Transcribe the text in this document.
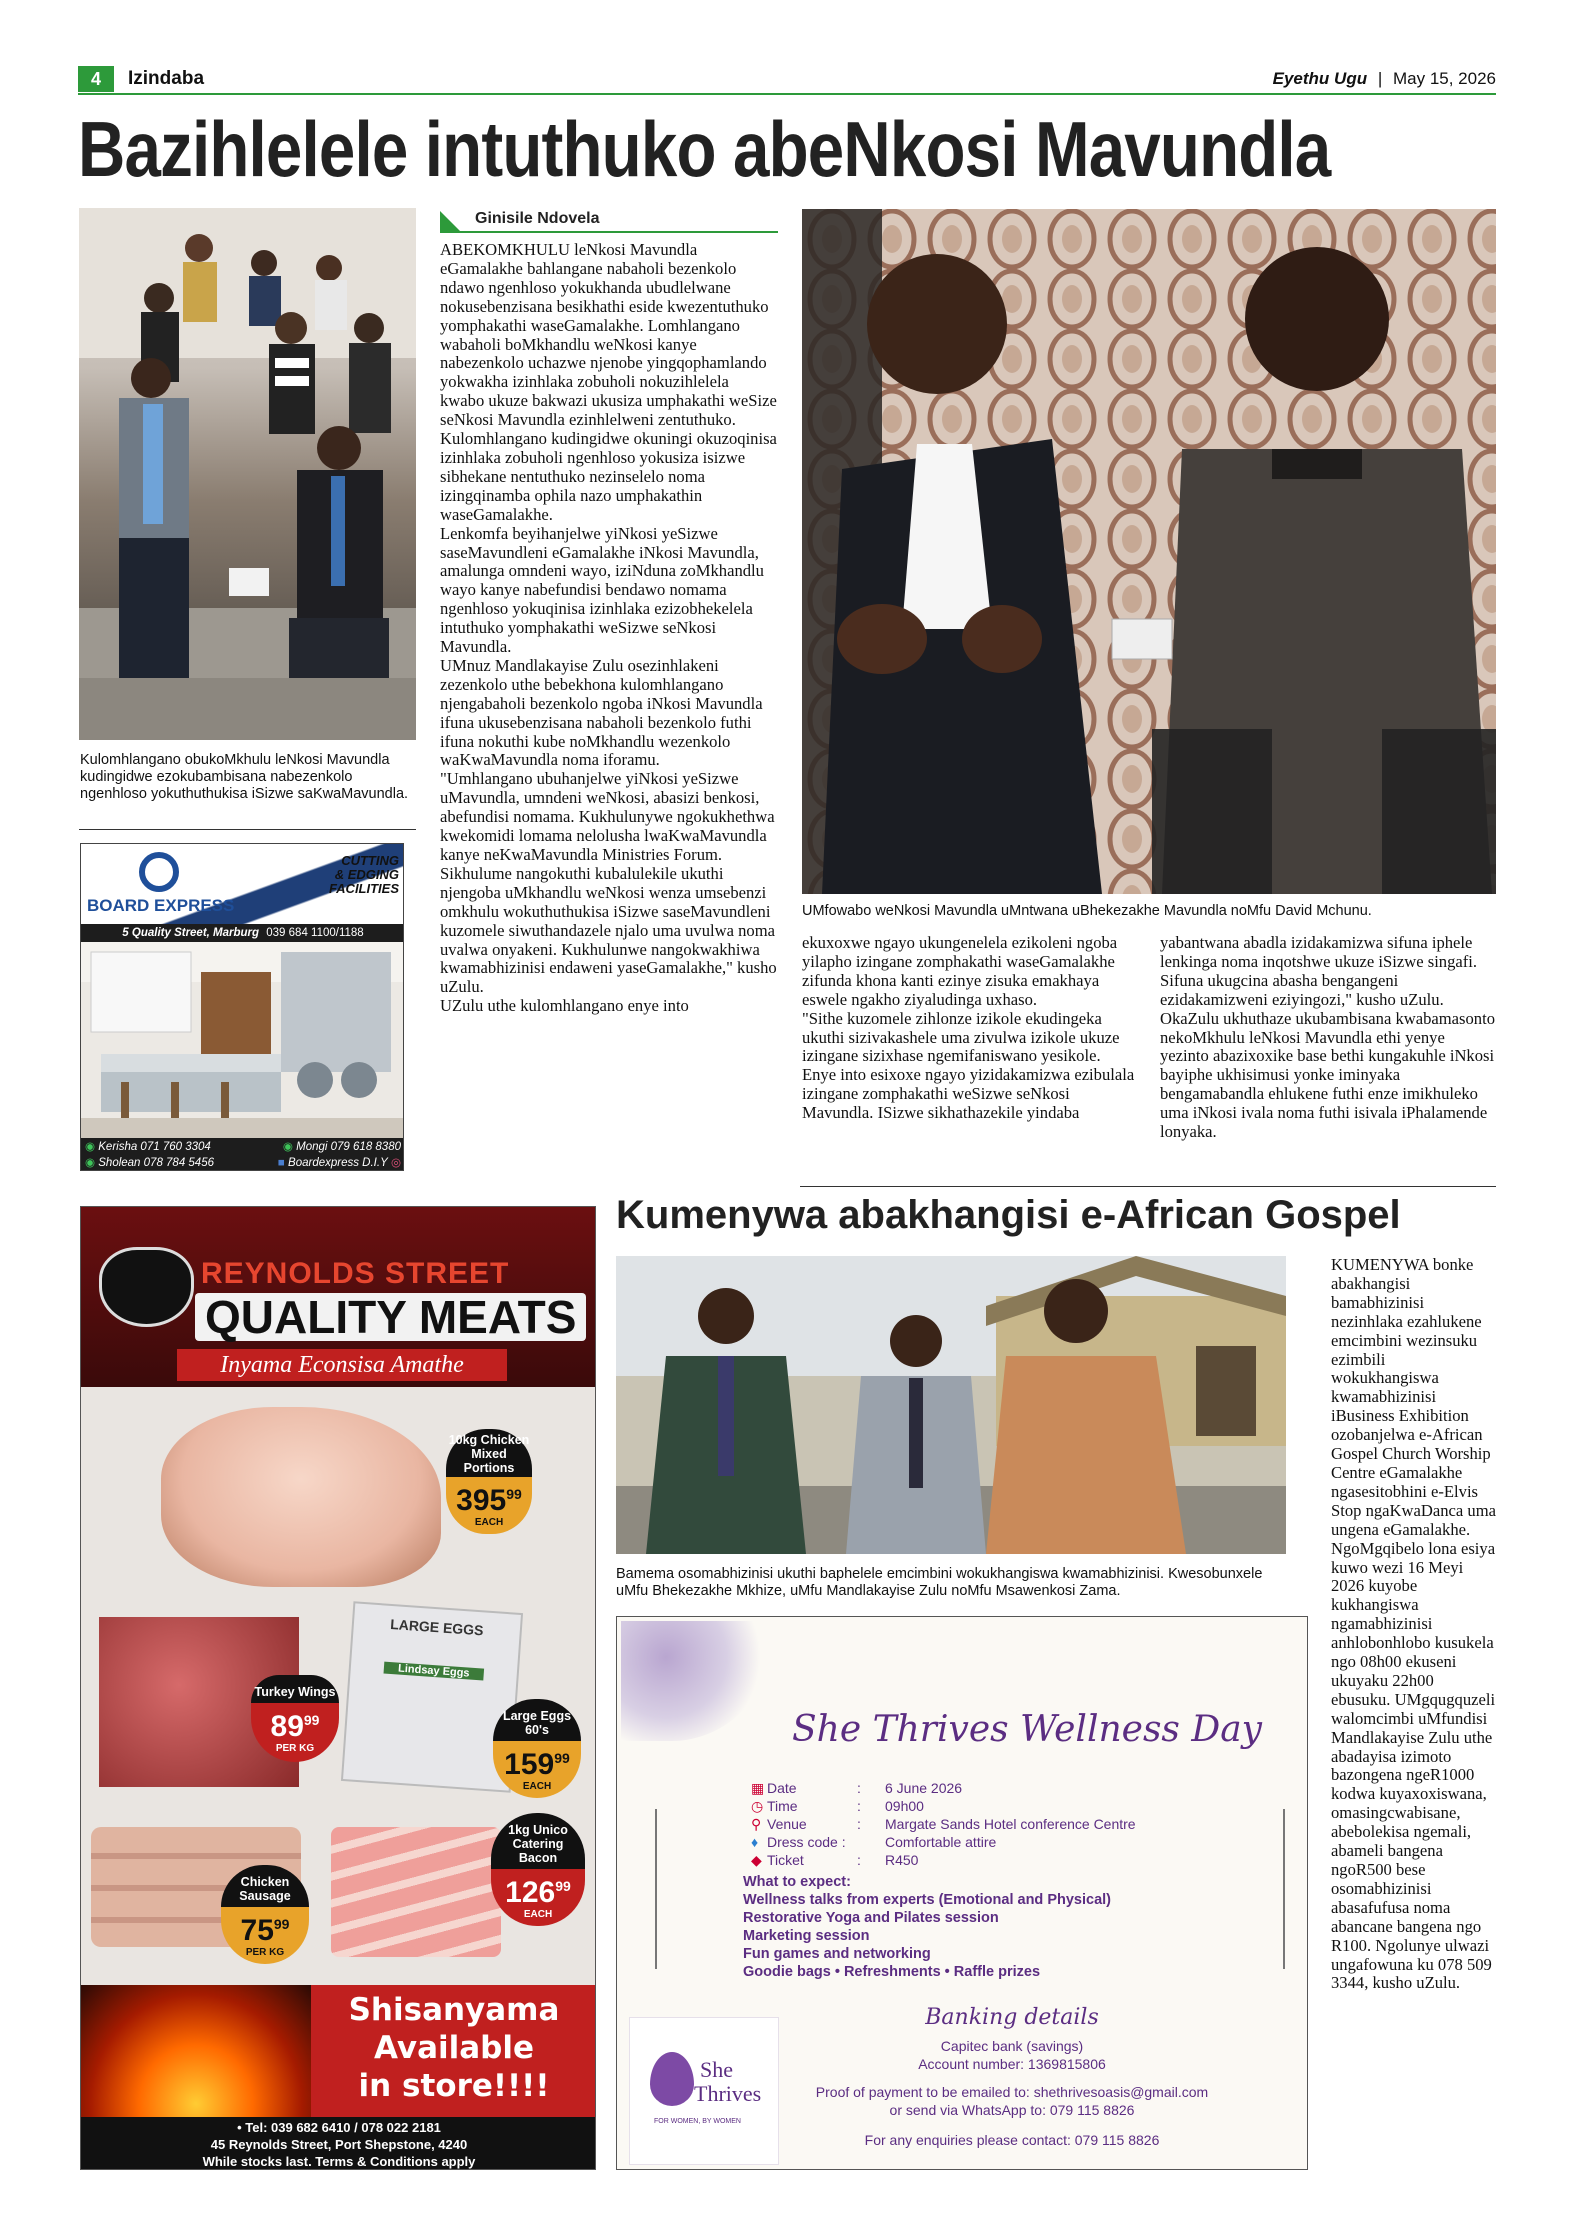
4	Izindaba	Eyethu Ugu | May 15, 2026
Bazihlelele intuthuko abeNkosi Mavundla

Kulomhlangano obukoMkhulu leNkosi Mavundla kudingidwe ezokubambisana nabezenkolo ngenhloso yokuthuthukisa iSizwe saKwaMavundla.

BOARD EXPRESS
CUTTING
& EDGING
FACILITIES
5 Quality Street, Marburg 039 684 1100/1188
◉ Kerisha 071 760 3304	◉ Mongi 079 618 8380
◉ Sholean 078 784 5456	■ Boardexpress D.I.Y ◎
Ginisile Ndovela

ABEKOMKHULU leNkosi Mavundla eGamalakhe bahlangane nabaholi bezenkolo ndawo ngenhloso yokukhanda ubudlelwane nokusebenzisana besikhathi eside kwezentuthuko yomphakathi waseGamalakhe. Lomhlangano wabaholi boMkhandlu weNkosi kanye nabezenkolo uchazwe njenobe yingqophamlando yokwakha izinhlaka zobuholi nokuzihlelela kwabo ukuze bakwazi ukusiza umphakathi weSize seNkosi Mavundla ezinhlelweni zentuthuko.

Kulomhlangano kudingidwe okuningi okuzoqinisa izinhlaka zobuholi ngenhloso yokusiza isizwe sibhekane nentuthuko nezinselelo noma izingqinamba ophila nazo umphakathin waseGamalakhe.

Lenkomfa beyihanjelwe yiNkosi yeSizwe saseMavundleni eGamalakhe iNkosi Mavundla, amalunga omndeni wayo, iziNduna zoMkhandlu wayo kanye nabefundisi bendawo nomama ngenhloso yokuqinisa izinhlaka ezizobhekelela intuthuko yomphakathi weSizwe seNkosi Mavundla.

UMnuz Mandlakayise Zulu osezinhlakeni zezenkolo uthe bebekhona kulomhlangano njengabaholi bezenkolo ngoba iNkosi Mavundla ifuna ukusebenzisana nabaholi bezenkolo futhi ifuna nokuthi kube noMkhandlu wezenkolo waKwaMavundla noma iforamu.

"Umhlangano ubuhanjelwe yiNkosi yeSizwe uMavundla, umndeni weNkosi, abasizi benkosi, abefundisi nomama. Kukhulunywe ngokukhethwa kwekomidi lomama nelolusha lwaKwaMavundla kanye neKwaMavundla Ministries Forum. Sikhulume nangokuthi kubalulekile ukuthi njengoba uMkhandlu weNkosi wenza umsebenzi omkhulu wokuthuthukisa iSizwe saseMavundleni kuzomele siwuthandazele njalo uma uvulwa noma uvalwa onyakeni. Kukhulunwe nangokwakhiwa kwamabhizinisi endaweni yaseGamalakhe," kusho uZulu.

UZulu uthe kulomhlangano enye into

UMfowabo weNkosi Mavundla uMntwana uBhekezakhe Mavundla noMfu David Mchunu.

ekuxoxwe ngayo ukungenelela ezikoleni ngoba yilapho izingane zomphakathi waseGamalakhe zifunda khona kanti ezinye zisuka emakhaya eswele ngakho ziyaludinga uxhaso.

"Sithe kuzomele zihlonze izikole ekudingeka ukuthi sizivakashele uma zivulwa izikole ukuze izingane sizixhase ngemifaniswano yesikole. Enye into esixoxe ngayo yizidakamizwa ezibulala izingane zomphakathi weSizwe seNkosi Mavundla. ISizwe sikhathazekile yindaba

yabantwana abadla izidakamizwa sifuna iphele lenkinga noma inqotshwe ukuze iSizwe singafi. Sifuna ukugcina abasha bengangeni ezidakamizweni eziyingozi," kusho uZulu.

OkaZulu ukhuthaze ukubambisana kwabamasonto nekoMkhulu leNkosi Mavundla ethi yenye yezinto abazixoxike base bethi kungakuhle iNkosi bayiphe ukhisimusi yonke iminyaka bengamabandla ehlukene futhi enze imikhuleko uma iNkosi ivala noma futhi isivala iPhalamende lonyaka.

REYNOLDS STREET
QUALITY MEATS
Inyama Econsisa Amathe
10kg Chicken Mixed Portions
$395^{99}$
EACH
Turkey Wings
$89^{99}$
PER KG
LARGE EGGS
Lindsay Eggs
Large Eggs 60's
$159^{99}$
EACH
Chicken Sausage
$75^{99}$
PER KG
1kg Unico Catering Bacon
$126^{99}$
EACH
Shisanyama
Available
in store!!!!
• Tel: 039 682 6410 / 078 022 2181
45 Reynolds Street, Port Shepstone, 4240
While stocks last. Terms & Conditions apply
Kumenywa abakhangisi e-African Gospel

Bamema osomabhizinisi ukuthi baphelele emcimbini wokukhangiswa kwamabhizinisi. Kwesobunxele uMfu Bhekezakhe Mkhize, uMfu Mandlakayise Zulu noMfu Msawenkosi Zama.

She Thrives Wellness Day
▦ Date	:	6 June 2026
◷ Time	:	09h00
⚲ Venue	:	Margate Sands Hotel conference Centre
♦ Dress code :	Comfortable attire
◆ Ticket	:	R450
What to expect:
Wellness talks from experts (Emotional and Physical)
Restorative Yoga and Pilates session
Marketing session
Fun games and networking
Goodie bags • Refreshments • Raffle prizes
She
Thrives
FOR WOMEN, BY WOMEN
Banking details
Capitec bank (savings)
Account number: 1369815806
Proof of payment to be emailed to: shethrivesoasis@gmail.com
or send via WhatsApp to: 079 115 8826
For any enquiries please contact: 079 115 8826
KUMENYWA bonke abakhangisi bamabhizinisi nezinhlaka ezahlukene emcimbini wezinsuku ezimbili wokukhangiswa kwamabhizinisi iBusiness Exhibition ozobanjelwa e-African Gospel Church Worship Centre eGamalakhe ngasesitobhini e-Elvis Stop ngaKwaDanca uma ungena eGamalakhe. NgoMgqibelo lona esiya kuwo wezi 16 Meyi 2026 kuyobe kukhangiswa ngamabhizinisi anhlobonhlobo kusukela ngo 08h00 ekuseni ukuyaku 22h00 ebusuku. UMgqugquzeli walomcimbi uMfundisi Mandlakayise Zulu uthe abadayisa izimoto bazongena ngeR1000 kodwa kuyaxoxiswana, omasingcwabisane, abebolekisa ngemali, abameli bangena ngoR500 bese osomabhizinisi abasafufusa noma abancane bangena ngo R100. Ngolunye ulwazi ungafowuna ku 078 509 3344, kusho uZulu.
